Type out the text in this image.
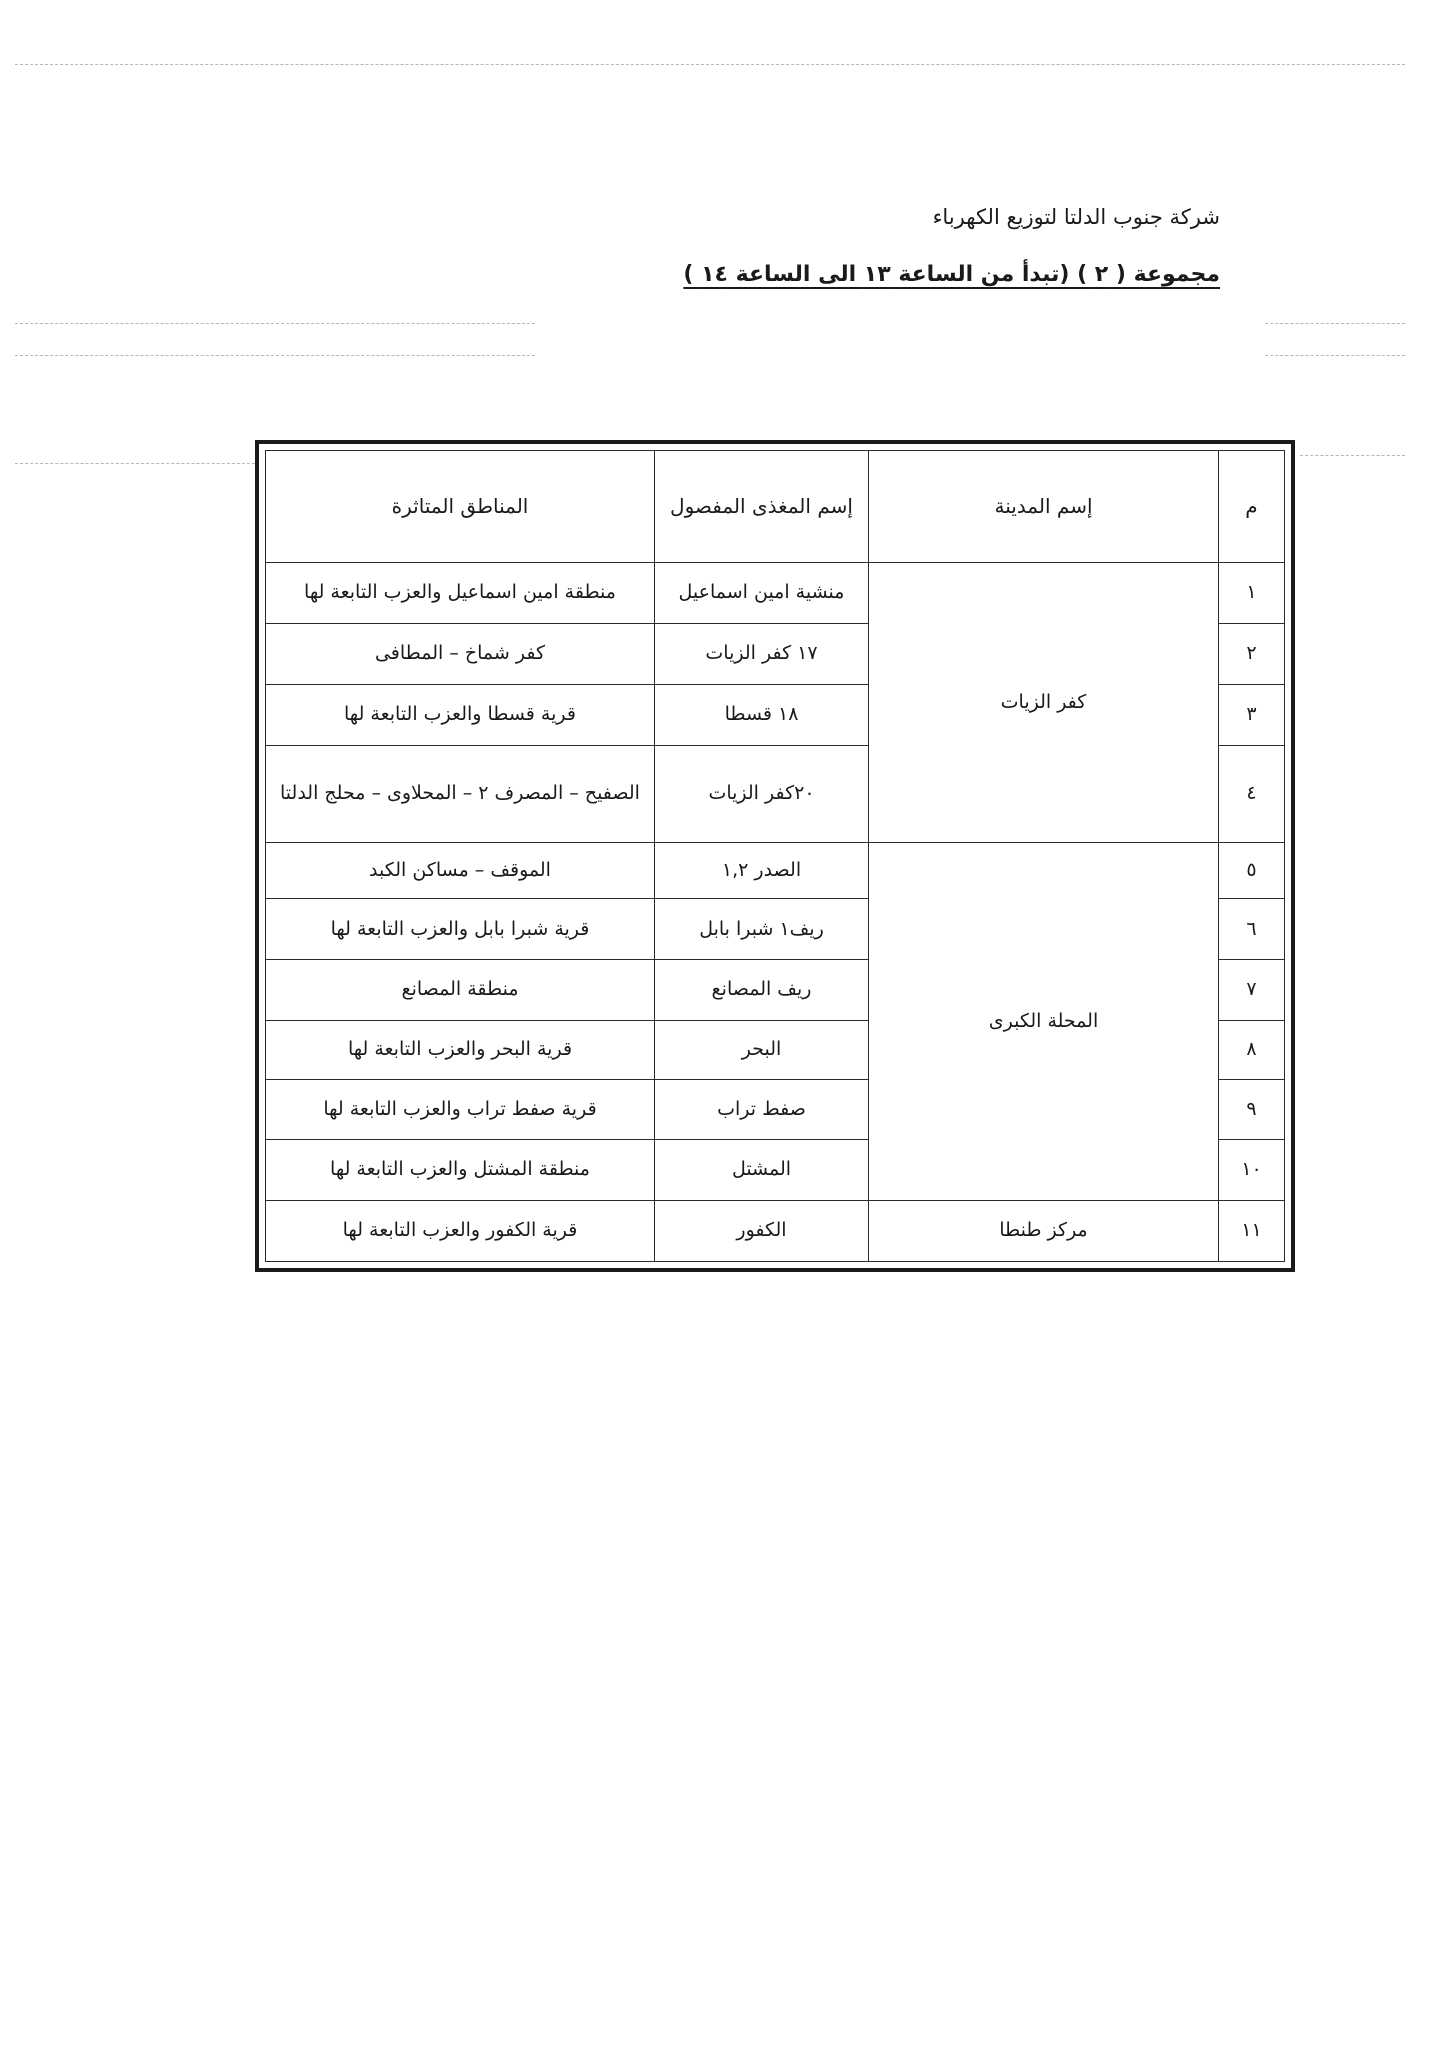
شركة جنوب الدلتا لتوزيع الكهرباء
مجموعة ( ٢ ) (تبدأ من الساعة ١٣ الى الساعة ١٤ )
م	إسم المدينة	إسم المغذى المفصول	المناطق المتاثرة
١	كفر الزيات	منشية امين اسماعيل	منطقة امين اسماعيل والعزب التابعة لها
٢		١٧ كفر الزيات	كفر شماخ – المطافى
٣		١٨ قسطا	قرية قسطا والعزب التابعة لها
٤		٢٠كفر الزيات	الصفيح – المصرف ٢ – المحلاوى – محلج الدلتا
٥	المحلة الكبرى	الصدر ١,٢	الموقف – مساكن الكبد
٦		ريف١ شبرا بابل	قرية شبرا بابل والعزب التابعة لها
٧		ريف المصانع	منطقة المصانع
٨		البحر	قرية البحر والعزب التابعة لها
٩		صفط تراب	قرية صفط تراب والعزب التابعة لها
١٠		المشتل	منطقة المشتل والعزب التابعة لها
١١	مركز طنطا	الكفور	قرية الكفور والعزب التابعة لها
